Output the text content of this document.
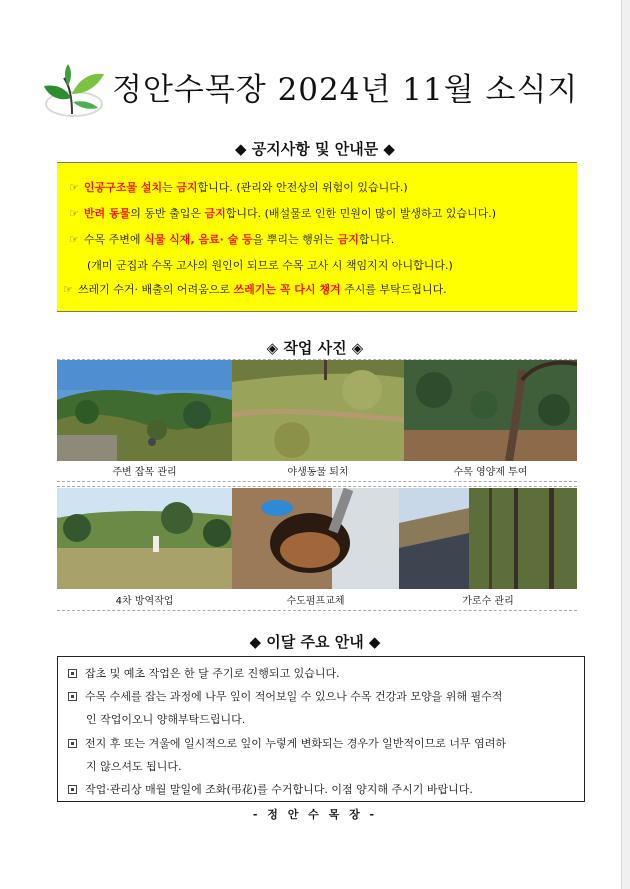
정안수목장 2024년 11월 소식지
◆ 공지사항 및 안내문 ◆
☞ 인공구조물 설치는 금지합니다. (관리와 안전상의 위험이 있습니다.)
☞ 반려 동물의 동반 출입은 금지합니다. (배설물로 인한 민원이 많이 발생하고 있습니다.)
☞ 수목 주변에 식물 식재, 음료· 술 등을 뿌리는 행위는 금지합니다.
(개미 군집과 수목 고사의 원인이 되므로 수목 고사 시 책임지지 아니합니다.)
☞ 쓰레기 수거· 배출의 어려움으로 쓰레기는 꼭 다시 챙겨 주시를 부탁드립니다.
◈ 작업 사진 ◈
주변 잡목 관리	야생동물 퇴치	수목 영양제 투여
4차 방역작업	수도펌프교체	가로수 관리
◆ 이달 주요 안내 ◆
잡초 및 예초 작업은 한 달 주기로 진행되고 있습니다.
수목 수세를 잡는 과정에 나무 잎이 적어보일 수 있으나 수목 건강과 모양을 위해 필수적
인 작업이오니 양해부탁드립니다.
전지 후 또는 겨울에 일시적으로 잎이 누렇게 변화되는 경우가 일반적이므로 너무 염려하
지 않으셔도 됩니다.
작업·관리상 매월 말일에 조화(弔花)를 수거합니다. 이점 양지해 주시기 바랍니다.
- 정 안 수 목 장 -
